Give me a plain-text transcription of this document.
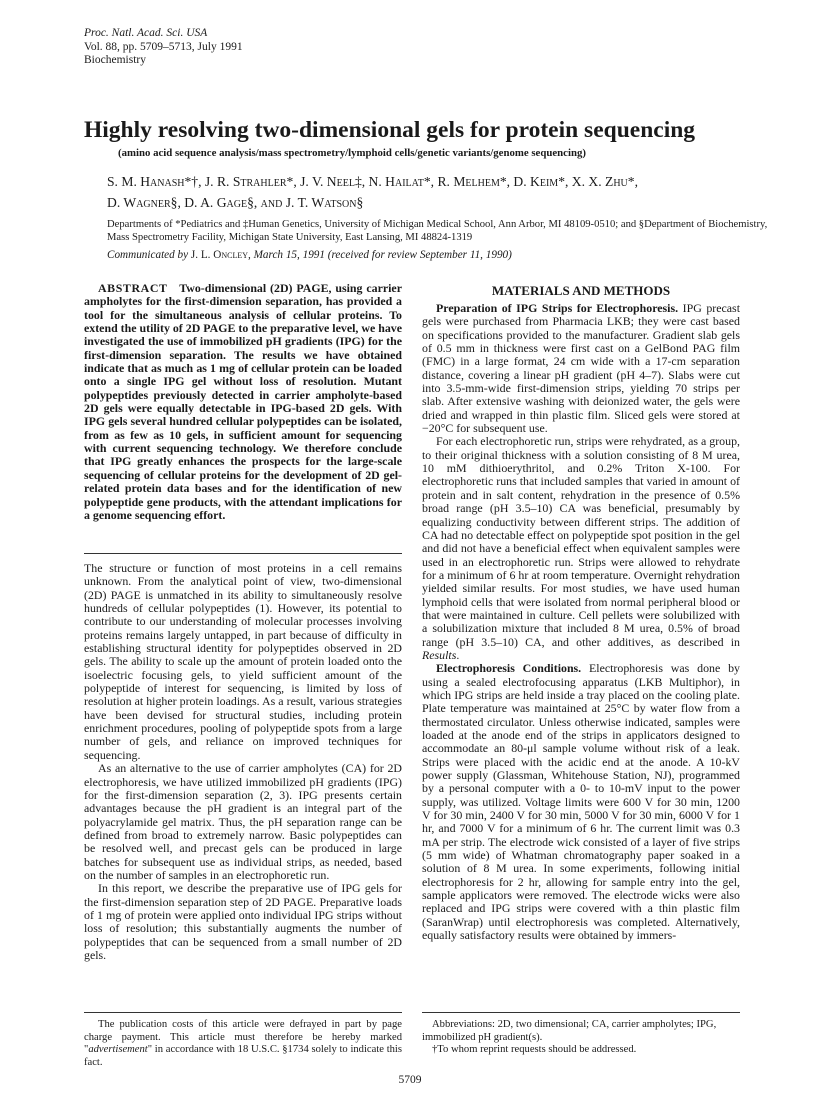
Proc. Natl. Acad. Sci. USA
Vol. 88, pp. 5709–5713, July 1991
Biochemistry
Highly resolving two-dimensional gels for protein sequencing
(amino acid sequence analysis/mass spectrometry/lymphoid cells/genetic variants/genome sequencing)
S. M. Hanash*†, J. R. Strahler*, J. V. Neel‡, N. Hailat*, R. Melhem*, D. Keim*, X. X. Zhu*,
D. Wagner§, D. A. Gage§, and J. T. Watson§
Departments of *Pediatrics and ‡Human Genetics, University of Michigan Medical School, Ann Arbor, MI 48109-0510; and §Department of Biochemistry,
Mass Spectrometry Facility, Michigan State University, East Lansing, MI 48824-1319
Communicated by J. L. Oncley, March 15, 1991 (received for review September 11, 1990)

ABSTRACT Two-dimensional (2D) PAGE, using carrier ampholytes for the first-dimension separation, has provided a tool for the simultaneous analysis of cellular proteins. To extend the utility of 2D PAGE to the preparative level, we have investigated the use of immobilized pH gradients (IPG) for the first-dimension separation. The results we have obtained indicate that as much as 1 mg of cellular protein can be loaded onto a single IPG gel without loss of resolution. Mutant polypeptides previously detected in carrier ampholyte-based 2D gels were equally detectable in IPG-based 2D gels. With IPG gels several hundred cellular polypeptides can be isolated, from as few as 10 gels, in sufficient amount for sequencing with current sequencing technology. We therefore conclude that IPG greatly enhances the prospects for the large-scale sequencing of cellular proteins for the development of 2D gel-related protein data bases and for the identification of new polypeptide gene products, with the attendant implications for a genome sequencing effort.

The structure or function of most proteins in a cell remains unknown. From the analytical point of view, two-dimensional (2D) PAGE is unmatched in its ability to simultaneously resolve hundreds of cellular polypeptides (1). However, its potential to contribute to our understanding of molecular processes involving proteins remains largely untapped, in part because of difficulty in establishing structural identity for polypeptides observed in 2D gels. The ability to scale up the amount of protein loaded onto the isoelectric focusing gels, to yield sufficient amount of the polypeptide of interest for sequencing, is limited by loss of resolution at higher protein loadings. As a result, various strategies have been devised for structural studies, including protein enrichment procedures, pooling of polypeptide spots from a large number of gels, and reliance on improved techniques for sequencing.

As an alternative to the use of carrier ampholytes (CA) for 2D electrophoresis, we have utilized immobilized pH gradients (IPG) for the first-dimension separation (2, 3). IPG presents certain advantages because the pH gradient is an integral part of the polyacrylamide gel matrix. Thus, the pH separation range can be defined from broad to extremely narrow. Basic polypeptides can be resolved well, and precast gels can be produced in large batches for subsequent use as individual strips, as needed, based on the number of samples in an electrophoretic run.

In this report, we describe the preparative use of IPG gels for the first-dimension separation step of 2D PAGE. Preparative loads of 1 mg of protein were applied onto individual IPG strips without loss of resolution; this substantially augments the number of polypeptides that can be sequenced from a small number of 2D gels.

MATERIALS AND METHODS

Preparation of IPG Strips for Electrophoresis. IPG precast gels were purchased from Pharmacia LKB; they were cast based on specifications provided to the manufacturer. Gradient slab gels of 0.5 mm in thickness were first cast on a GelBond PAG film (FMC) in a large format, 24 cm wide with a 17-cm separation distance, covering a linear pH gradient (pH 4–7). Slabs were cut into 3.5-mm-wide first-dimension strips, yielding 70 strips per slab. After extensive washing with deionized water, the gels were dried and wrapped in thin plastic film. Sliced gels were stored at −20°C for subsequent use.

For each electrophoretic run, strips were rehydrated, as a group, to their original thickness with a solution consisting of 8 M urea, 10 mM dithioerythritol, and 0.2% Triton X-100. For electrophoretic runs that included samples that varied in amount of protein and in salt content, rehydration in the presence of 0.5% broad range (pH 3.5–10) CA was beneficial, presumably by equalizing conductivity between different strips. The addition of CA had no detectable effect on polypeptide spot position in the gel and did not have a beneficial effect when equivalent samples were used in an electrophoretic run. Strips were allowed to rehydrate for a minimum of 6 hr at room temperature. Overnight rehydration yielded similar results. For most studies, we have used human lymphoid cells that were isolated from normal peripheral blood or that were maintained in culture. Cell pellets were solubilized with a solubilization mixture that included 8 M urea, 0.5% of broad range (pH 3.5–10) CA, and other additives, as described in Results.

Electrophoresis Conditions. Electrophoresis was done by using a sealed electrofocusing apparatus (LKB Multiphor), in which IPG strips are held inside a tray placed on the cooling plate. Plate temperature was maintained at 25°C by water flow from a thermostated circulator. Unless otherwise indicated, samples were loaded at the anode end of the strips in applicators designed to accommodate an 80-μl sample volume without risk of a leak. Strips were placed with the acidic end at the anode. A 10-kV power supply (Glassman, Whitehouse Station, NJ), programmed by a personal computer with a 0- to 10-mV input to the power supply, was utilized. Voltage limits were 600 V for 30 min, 1200 V for 30 min, 2400 V for 30 min, 5000 V for 30 min, 6000 V for 1 hr, and 7000 V for a minimum of 6 hr. The current limit was 0.3 mA per strip. The electrode wick consisted of a layer of five strips (5 mm wide) of Whatman chromatography paper soaked in a solution of 8 M urea. In some experiments, following initial electrophoresis for 2 hr, allowing for sample entry into the gel, sample applicators were removed. The electrode wicks were also replaced and IPG strips were covered with a thin plastic film (SaranWrap) until electrophoresis was completed. Alternatively, equally satisfactory results were obtained by immers-

The publication costs of this article were defrayed in part by page charge payment. This article must therefore be hereby marked "advertisement" in accordance with 18 U.S.C. §1734 solely to indicate this fact.

Abbreviations: 2D, two dimensional; CA, carrier ampholytes; IPG, immobilized pH gradient(s).

†To whom reprint requests should be addressed.

5709
